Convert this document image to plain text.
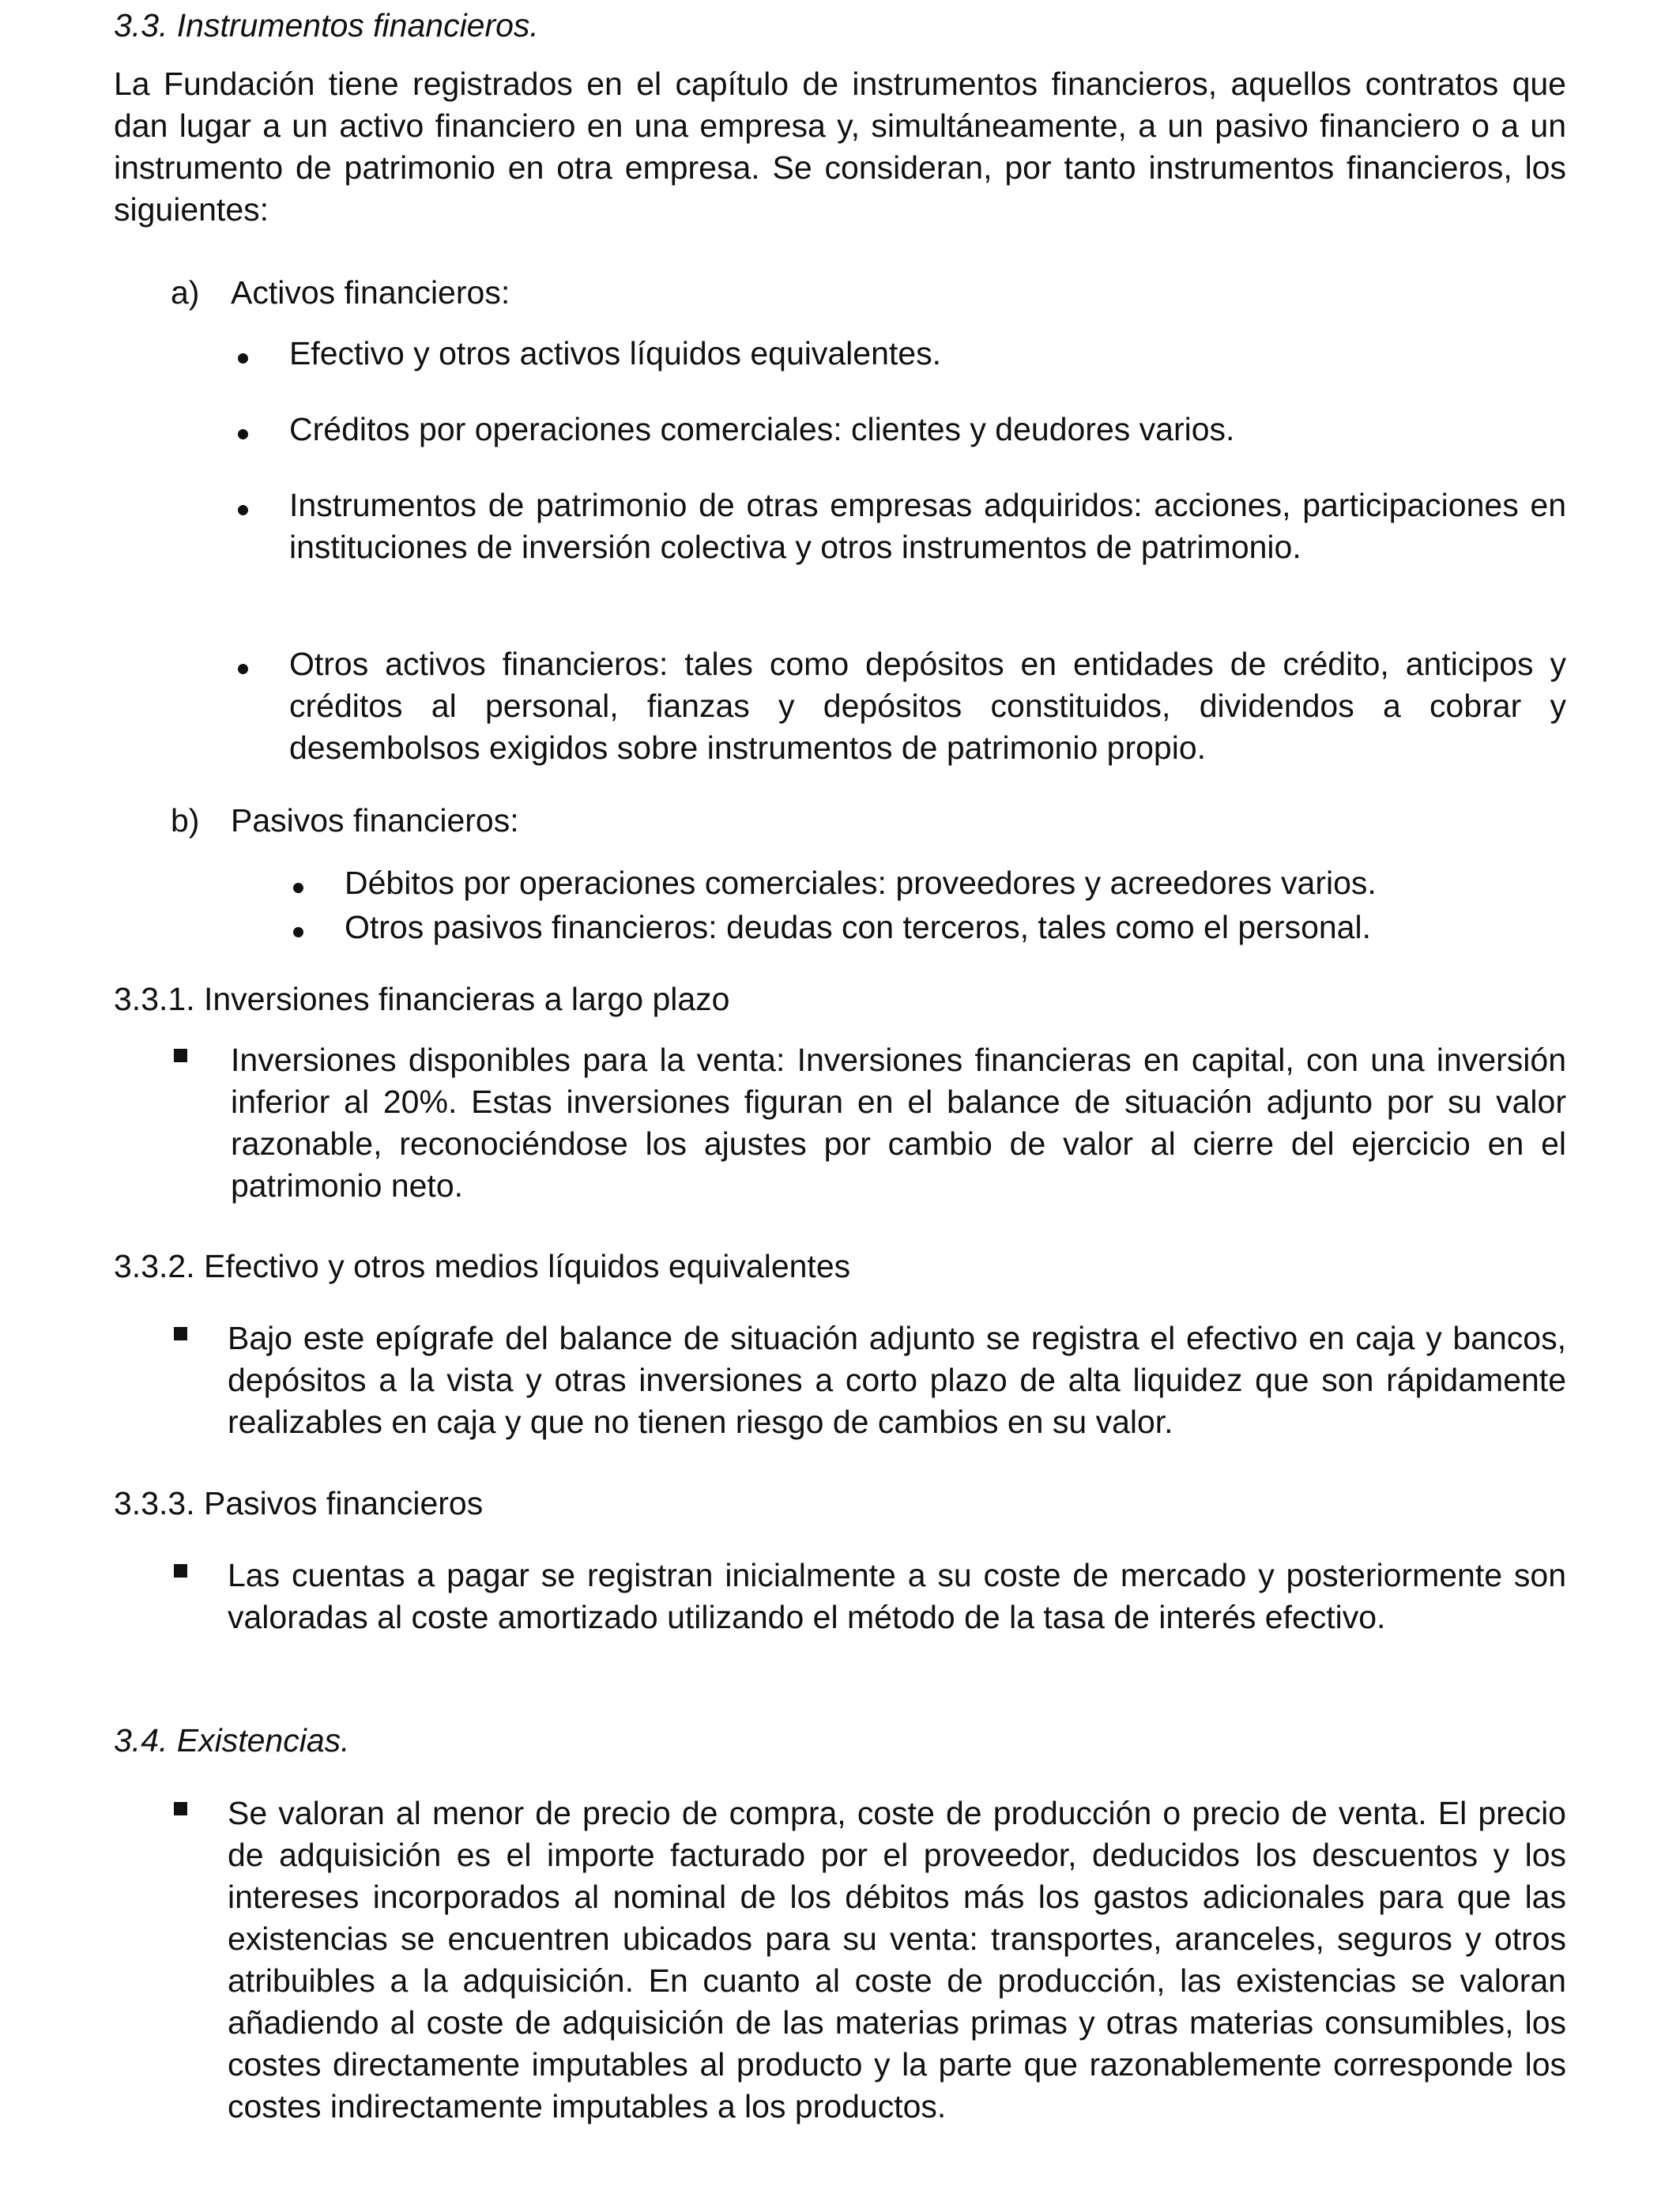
3.3. Instrumentos financieros.

La Fundación tiene registrados en el capítulo de instrumentos financieros, aquellos contratos que dan lugar a un activo financiero en una empresa y, simultáneamente, a un pasivo financiero o a un instrumento de patrimonio en otra empresa. Se consideran, por tanto instrumentos financieros, los siguientes:

a) Activos financieros:
Efectivo y otros activos líquidos equivalentes.
Créditos por operaciones comerciales: clientes y deudores varios.
Instrumentos de patrimonio de otras empresas adquiridos: acciones, participaciones en instituciones de inversión colectiva y otros instrumentos de patrimonio.
Otros activos financieros: tales como depósitos en entidades de crédito, anticipos y créditos al personal, fianzas y depósitos constituidos, dividendos a cobrar y desembolsos exigidos sobre instrumentos de patrimonio propio.
b) Pasivos financieros:
Débitos por operaciones comerciales: proveedores y acreedores varios.
Otros pasivos financieros: deudas con terceros, tales como el personal.
3.3.1. Inversiones financieras a largo plazo
Inversiones disponibles para la venta: Inversiones financieras en capital, con una inversión inferior al 20%. Estas inversiones figuran en el balance de situación adjunto por su valor razonable, reconociéndose los ajustes por cambio de valor al cierre del ejercicio en el patrimonio neto.
3.3.2. Efectivo y otros medios líquidos equivalentes
Bajo este epígrafe del balance de situación adjunto se registra el efectivo en caja y bancos, depósitos a la vista y otras inversiones a corto plazo de alta liquidez que son rápidamente realizables en caja y que no tienen riesgo de cambios en su valor.
3.3.3. Pasivos financieros
Las cuentas a pagar se registran inicialmente a su coste de mercado y posteriormente son valoradas al coste amortizado utilizando el método de la tasa de interés efectivo.
3.4. Existencias.
Se valoran al menor de precio de compra, coste de producción o precio de venta. El precio de adquisición es el importe facturado por el proveedor, deducidos los descuentos y los intereses incorporados al nominal de los débitos más los gastos adicionales para que las existencias se encuentren ubicados para su venta: transportes, aranceles, seguros y otros atribuibles a la adquisición. En cuanto al coste de producción, las existencias se valoran añadiendo al coste de adquisición de las materias primas y otras materias consumibles, los costes directamente imputables al producto y la parte que razonablemente corresponde los costes indirectamente imputables a los productos.
